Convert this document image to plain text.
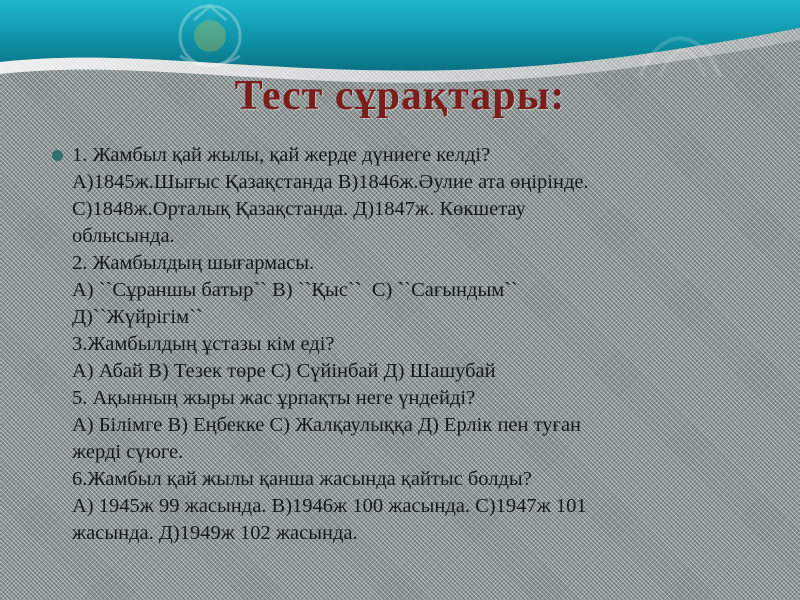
Тест сұрақтары:
1. Жамбыл қай жылы, қай жерде дүниеге келді?
А)1845ж.Шығыс Қазақстанда В)1846ж.Әулие ата өңірінде.
С)1848ж.Орталық Қазақстанда. Д)1847ж. Көкшетау
облысында.
2. Жамбылдың шығармасы.
А) ``Сұраншы батыр`` В) ``Қыс``  С) ``Сағындым``
Д)``Жүйрігім``
3.Жамбылдың ұстазы кім еді?
А) Абай В) Тезек төре С) Сүйінбай Д) Шашубай
5. Ақынның жыры жас ұрпақты неге үндейді?
А) Білімге В) Еңбекке С) Жалқаулыққа Д) Ерлік пен туған
жерді сүюге.
6.Жамбыл қай жылы қанша жасында қайтыс болды?
А) 1945ж 99 жасында. В)1946ж 100 жасында. С)1947ж 101
жасында. Д)1949ж 102 жасында.
